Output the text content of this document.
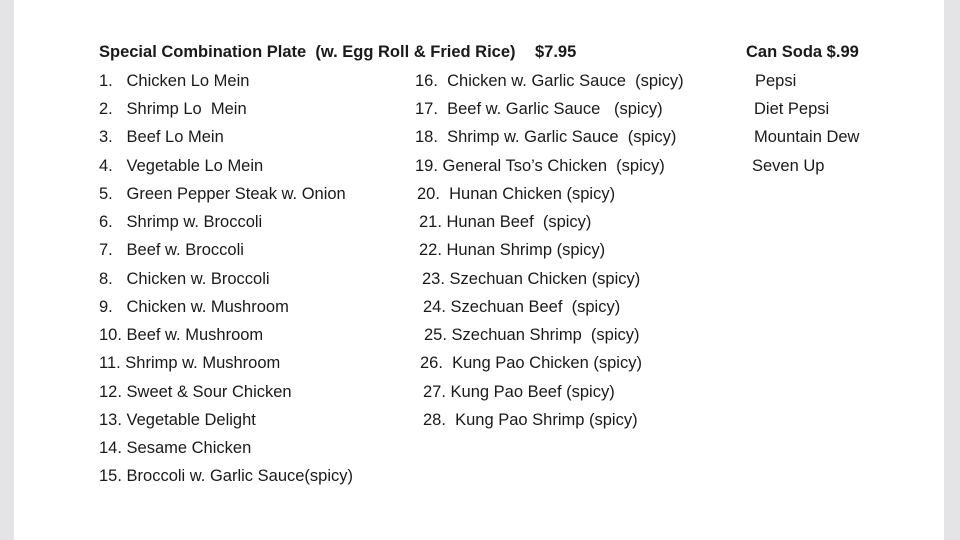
Special Combination Plate  (w. Egg Roll & Fried Rice) $7.95	Can Soda $.99
1.   Chicken Lo Mein
2.   Shrimp Lo  Mein
3.   Beef Lo Mein
4.   Vegetable Lo Mein
5.   Green Pepper Steak w. Onion
6.   Shrimp w. Broccoli
7.   Beef w. Broccoli
8.   Chicken w. Broccoli
9.   Chicken w. Mushroom
10. Beef w. Mushroom
11. Shrimp w. Mushroom
12. Sweet & Sour Chicken
13. Vegetable Delight
14. Sesame Chicken
15. Broccoli w. Garlic Sauce(spicy)
16.  Chicken w. Garlic Sauce  (spicy)
17.  Beef w. Garlic Sauce   (spicy)
18.  Shrimp w. Garlic Sauce  (spicy)
19. General Tso’s Chicken  (spicy)
20.  Hunan Chicken (spicy)
21. Hunan Beef  (spicy)
22. Hunan Shrimp (spicy)
23. Szechuan Chicken (spicy)
24. Szechuan Beef  (spicy)
25. Szechuan Shrimp  (spicy)
26.  Kung Pao Chicken (spicy)
27. Kung Pao Beef (spicy)
28.  Kung Pao Shrimp (spicy)
Pepsi
Diet Pepsi
Mountain Dew
Seven Up
